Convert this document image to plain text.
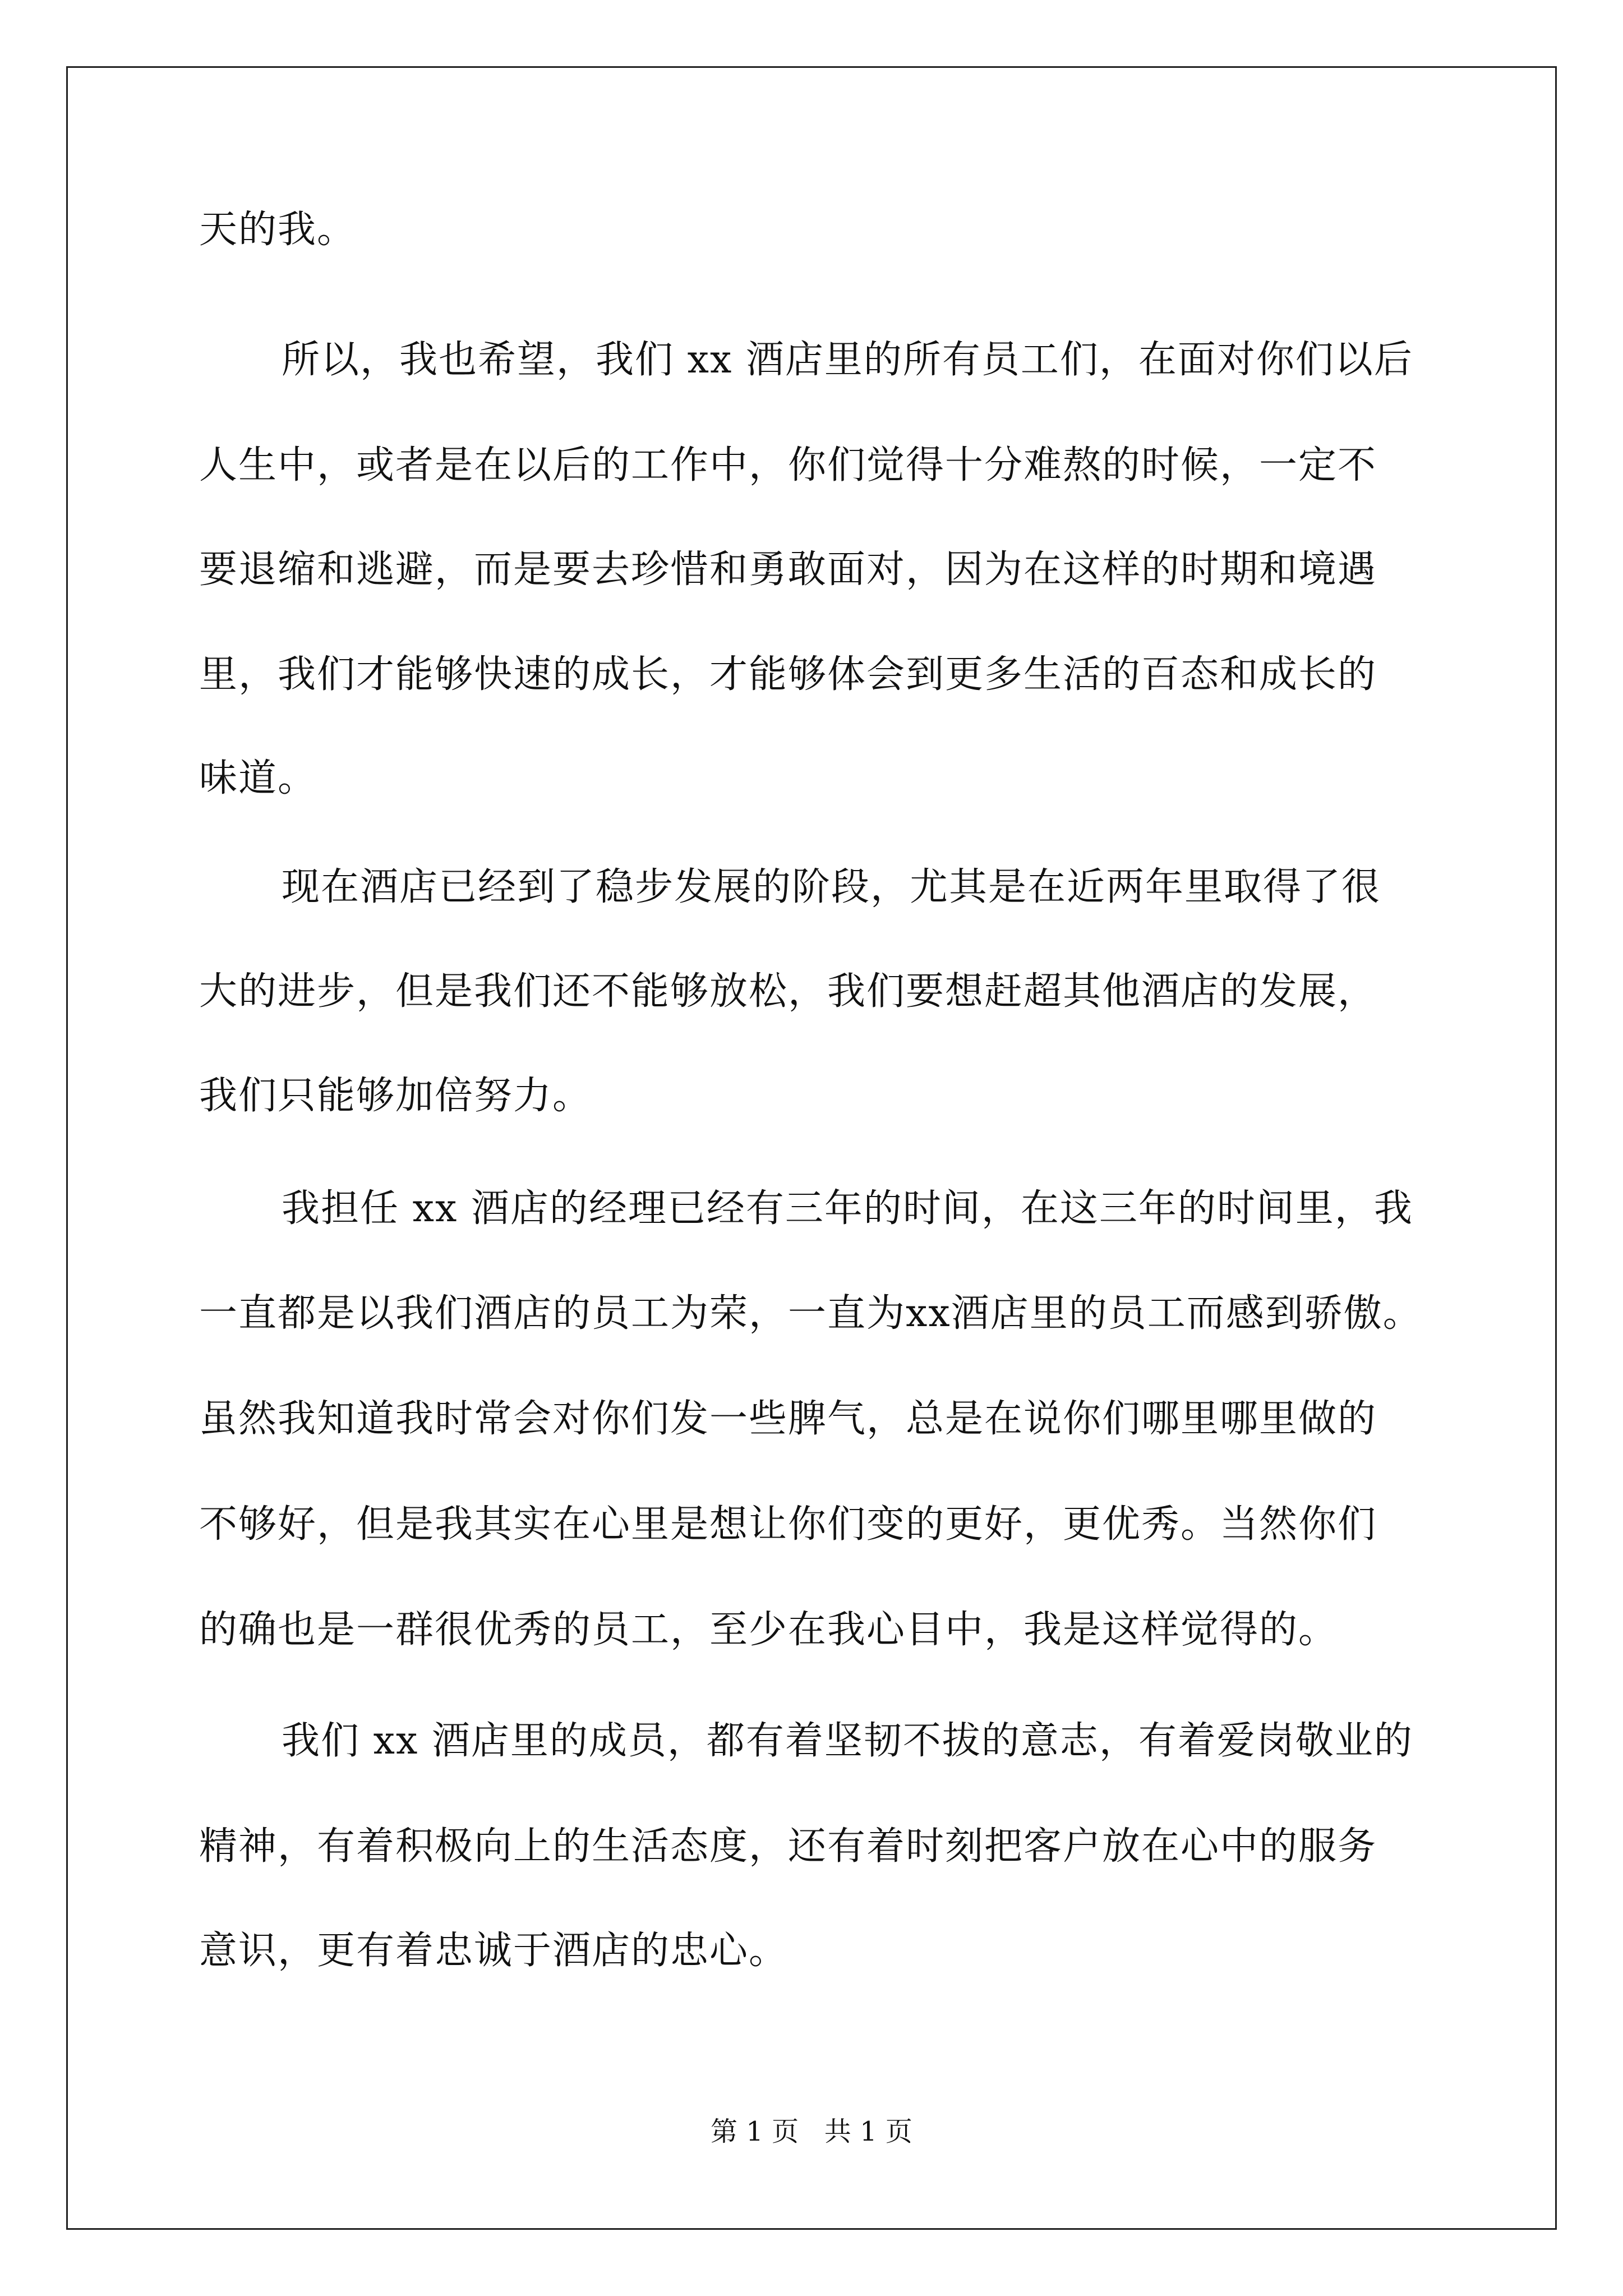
天的我。
所以，我也希望，我们 xx 酒店里的所有员工们，在面对你们以后
人生中，或者是在以后的工作中，你们觉得十分难熬的时候，一定不
要退缩和逃避，而是要去珍惜和勇敢面对，因为在这样的时期和境遇
里，我们才能够快速的成长，才能够体会到更多生活的百态和成长的
味道。
现在酒店已经到了稳步发展的阶段，尤其是在近两年里取得了很
大的进步，但是我们还不能够放松，我们要想赶超其他酒店的发展，
我们只能够加倍努力。
我担任 xx 酒店的经理已经有三年的时间，在这三年的时间里，我
一直都是以我们酒店的员工为荣，一直为xx酒店里的员工而感到骄傲。
虽然我知道我时常会对你们发一些脾气，总是在说你们哪里哪里做的
不够好，但是我其实在心里是想让你们变的更好，更优秀。当然你们
的确也是一群很优秀的员工，至少在我心目中，我是这样觉得的。
我们 xx 酒店里的成员，都有着坚韧不拔的意志，有着爱岗敬业的
精神，有着积极向上的生活态度，还有着时刻把客户放在心中的服务
意识，更有着忠诚于酒店的忠心。
第 1 页   共 1 页
